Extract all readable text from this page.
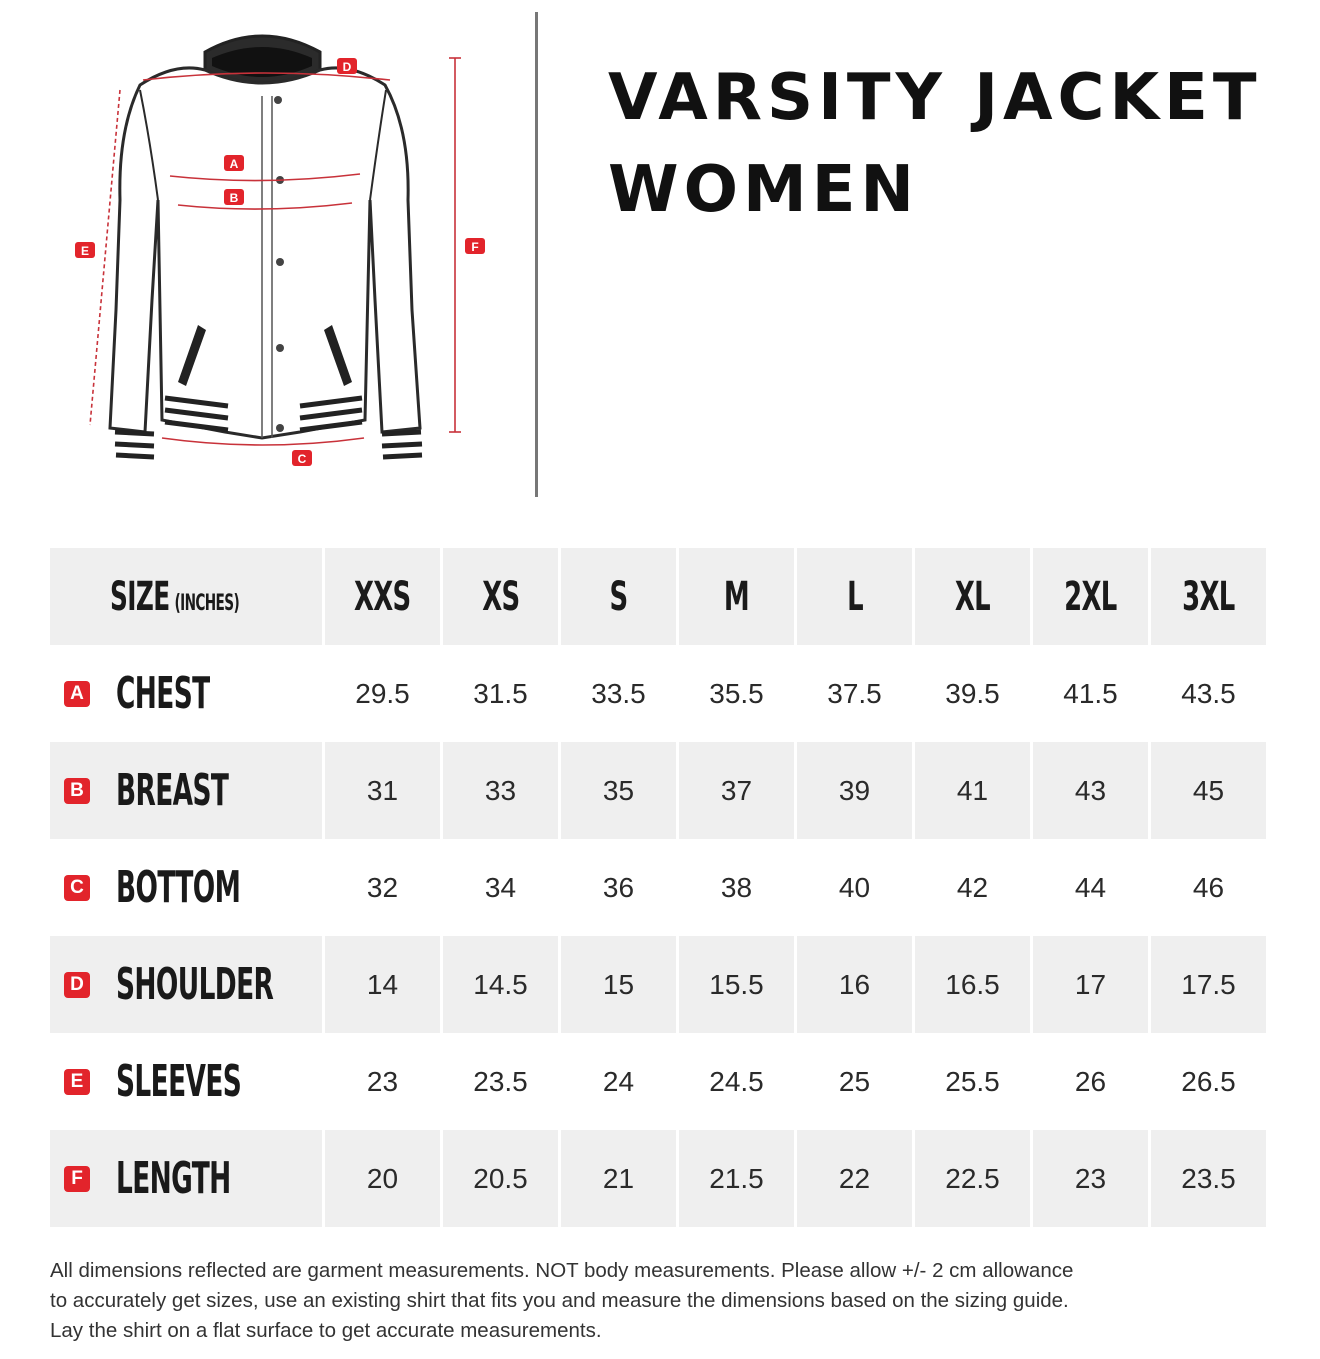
D
A
B
C
E	F
VARSITY JACKET
WOMEN
SIZE (INCHES)	XXS XS S M L XL 2XL 3XL
A CHEST	29.5 31.5 33.5 35.5 37.5 39.5 41.5 43.5
B BREAST	31	33	35	37	39	41	43	45
C BOTTOM	32	34	36	38	40	42	44	46
D SHOULDER	14	14.5	15	15.5	16	16.5	17	17.5
E SLEEVES	23	23.5	24	24.5	25	25.5	26	26.5
F LENGTH	20	20.5	21	21.5	22	22.5	23	23.5

All dimensions reflected are garment measurements. NOT body measurements. Please allow +/- 2 cm allowance
to accurately get sizes, use an existing shirt that fits you and measure the dimensions based on the sizing guide.
Lay the shirt on a flat surface to get accurate measurements.
